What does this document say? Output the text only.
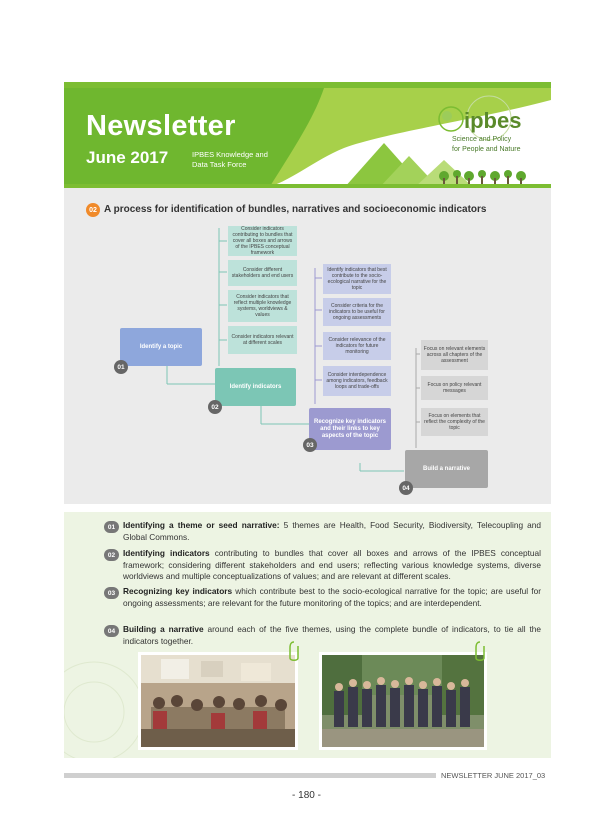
Newsletter
June 2017	IPBES Knowledge and
Data Task Force
ipbes
Science and Policy
for People and Nature
02 A process for identification of bundles, narratives and socioeconomic indicators
Consider indicators contributing to bundles that cover all boxes and arrows of the IPBES conceptual framework
Consider different stakeholders and end users
Consider indicators that reflect multiple knowledge systems, worldviews & values
Consider indicators relevant at different scales
Identify indicators that best contribute to the socio-ecological narrative for the topic
Consider criteria for the indicators to be useful for ongoing assessments
Consider relevance of the indicators for future monitoring
Consider interdependence among indicators, feedback loops and trade-offs
Focus on relevant elements across all chapters of the assessment
Focus on policy relevant messages
Focus on elements that reflect the complexity of the topic
Identify a topic
01
Identify indicators
02
Recognize key indicators and their links to key aspects of the topic
03
Build a narrative
04
01 Identifying a theme or seed narrative: 5 themes are Health, Food Security, Biodiversity, Telecoupling and Global Commons.
02 Identifying indicators contributing to bundles that cover all boxes and arrows of the IPBES conceptual framework; considering different stakeholders and end users; reflecting various knowledge systems, diverse worldviews and multiple conceptualizations of values; and are relevant at different scales.
03 Recognizing key indicators which contribute best to the socio-ecological narrative for the topic; are useful for ongoing assessments; are relevant for the future monitoring of the topics; and are interdependent.
04 Building a narrative around each of the five themes, using the complete bundle of indicators, to tie all the indicators together.
NEWSLETTER JUNE 2017_03
- 180 -
